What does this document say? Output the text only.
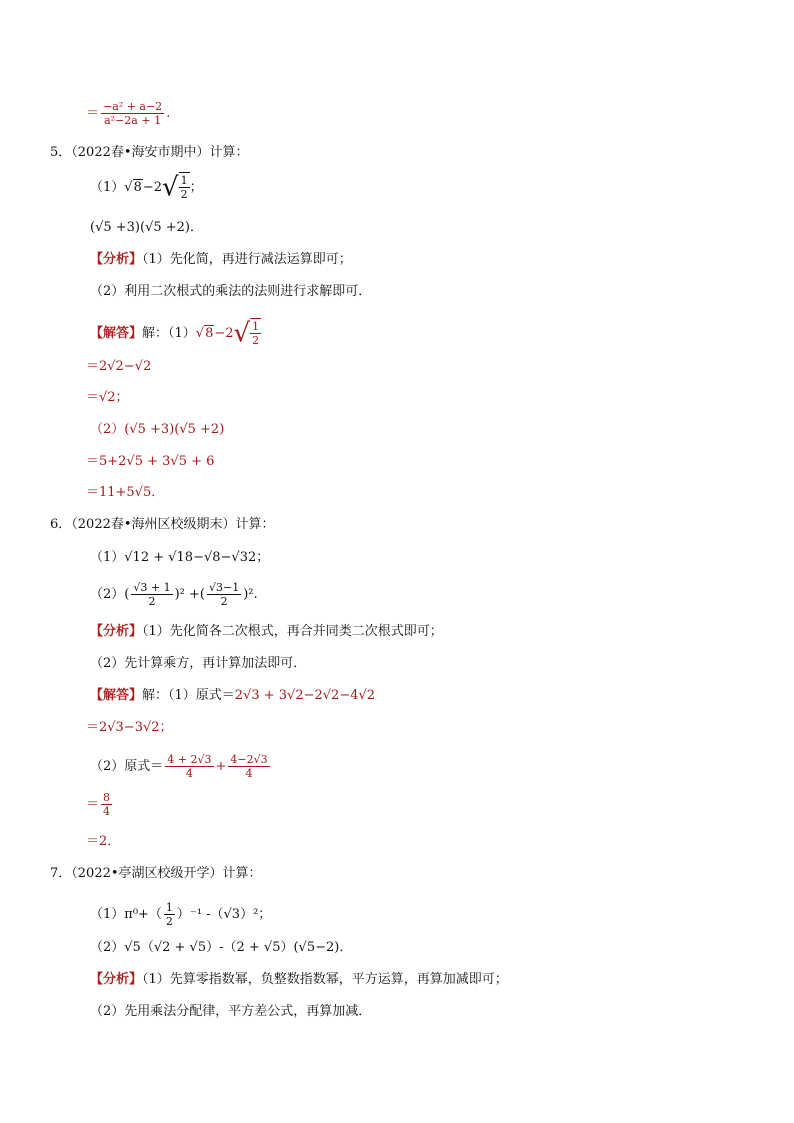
＝ $\frac{\text{−a² + a−2}}{\text{a²−2a + 1}}$ .
5．（2022春•海安市期中）计算：
$(1)√8-2√ \frac{1}{2}$ ；
(√5 +3)(√5 +2)．
【分析】（1）先化简，再进行减法运算即可；
（2）利用二次根式的乘法的法则进行求解即可．
【解答】解：$(1)√8-2√ \frac{1}{2}$
＝2√2−√2
＝√2；
（2）(√5 +3)(√5 +2)
＝5+2√5 + 3√5 + 6
＝11+5√5．
6．（2022春•海州区校级期末）计算：
（1）√12 + √18−√8−√32；
$(2)( \frac{√3 + 1}{2} )^2$ +( $\frac{√3-1}{2} )^2$.
【分析】（1）先化简各二次根式，再合并同类二次根式即可；
（2）先计算乘方，再计算加法即可．
【解答】解：（1）原式＝2√3 + 3√2−2√2−4√2
＝2√3−3√2；
（2）原式＝ $\frac{4 + 2√3}{4} + \frac{4-2√3}{4}$
＝ $\frac{8}{4}$
＝2．
7．（2022•亭湖区校级开学）计算：
$(1)\pi^0+( \frac{1}{2} )^{-1}$ -（√3）²；
（2）√5（√2 + √5）-（2 + √5）(√5−2)．
【分析】（1）先算零指数幂，负整数指数幂，平方运算，再算加减即可；
（2）先用乘法分配律，平方差公式，再算加减．
